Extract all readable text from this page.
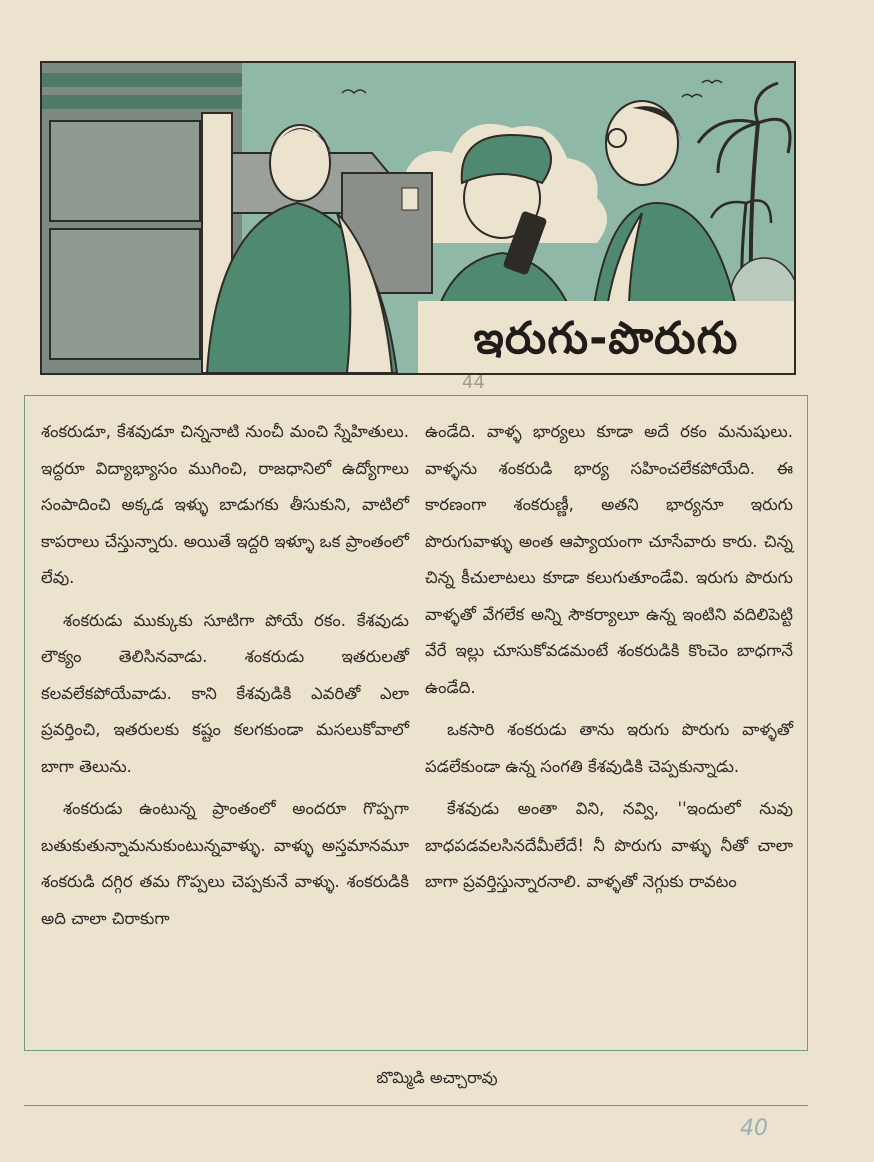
ఇరుగు-పొరుగు
44

శంకరుడూ, కేశవుడూ చిన్ననాటి నుంచీ మంచి స్నేహితులు. ఇద్దరూ విద్యాభ్యాసం ముగించి, రాజధానిలో ఉద్యోగాలు సంపాదించి అక్కడ ఇళ్ళు బాడుగకు తీసుకుని, వాటిలో కాపరాలు చేస్తున్నారు. అయితే ఇద్దరి ఇళ్ళూ ఒక ప్రాంతంలో లేవు.

శంకరుడు ముక్కుకు సూటిగా పోయే రకం. కేశవుడు లౌక్యం తెలిసినవాడు. శంకరుడు ఇతరులతో కలవలేకపోయేవాడు. కాని కేశవుడికి ఎవరితో ఎలా ప్రవర్తించి, ఇతరులకు కష్టం కలగకుండా మసలుకోవాలో బాగా తెలును.

శంకరుడు ఉంటున్న ప్రాంతంలో అందరూ గొప్పగా బతుకుతున్నామనుకుంటున్నవాళ్ళు. వాళ్ళు అస్తమానమూ శంకరుడి దగ్గిర తమ గొప్పలు చెప్పకునే వాళ్ళు. శంకరుడికి అది చాలా చిరాకుగా

ఉండేది. వాళ్ళ భార్యలు కూడా అదే రకం మనుషులు. వాళ్ళను శంకరుడి భార్య సహించలేకపోయేది. ఈ కారణంగా శంకరుణ్ణీ, అతని భార్యనూ ఇరుగు పొరుగువాళ్ళు అంత ఆప్యాయంగా చూసేవారు కారు. చిన్న చిన్న కీచులాటలు కూడా కలుగుతూండేవి. ఇరుగు పొరుగు వాళ్ళతో వేగలేక అన్ని సౌకర్యాలూ ఉన్న ఇంటిని వదిలిపెట్టి వేరే ఇల్లు చూసుకోవడమంటే శంకరుడికి కొంచెం బాధగానే ఉండేది.

ఒకసారి శంకరుడు తాను ఇరుగు పొరుగు వాళ్ళతో పడలేకుండా ఉన్న సంగతి కేశవుడికి చెప్పకున్నాడు.

కేశవుడు అంతా విని, నవ్వి, ''ఇందులో నువు బాధపడవలసినదేమీలేదే! నీ పొరుగు వాళ్ళు నీతో చాలా బాగా ప్రవర్తిస్తున్నారనాలి. వాళ్ళతో నెగ్గుకు రావటం

బొమ్మిడి అచ్చారావు
40
